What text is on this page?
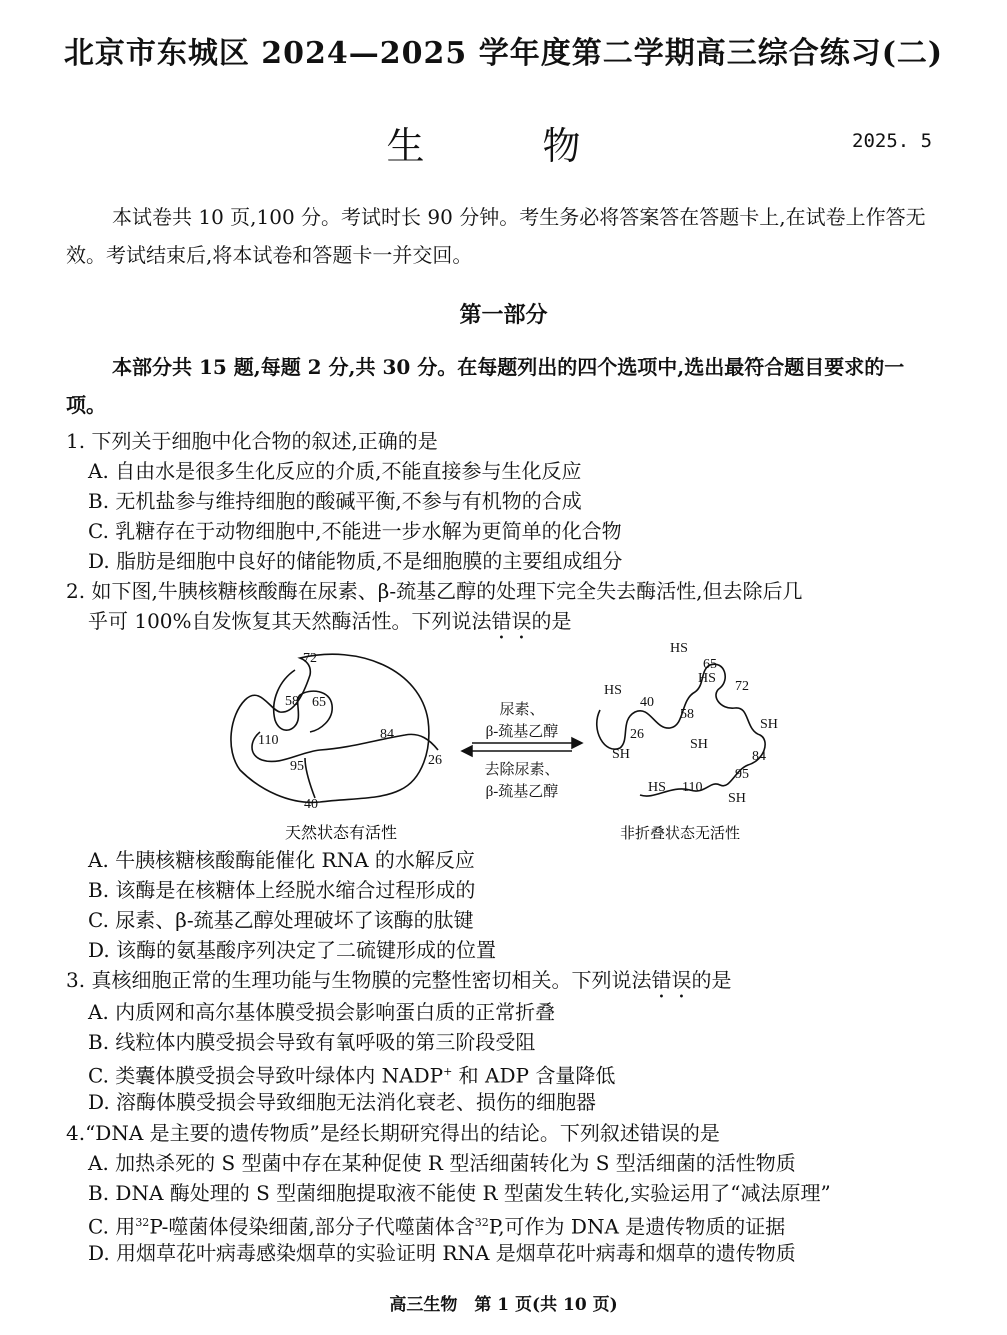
北京市东城区 2024—2025 学年度第二学期高三综合练习(二)
生　物	2025. 5
本试卷共 10 页,100 分。考试时长 90 分钟。考生务必将答案答在答题卡上,在试卷上作答无效。考试结束后,将本试卷和答题卡一并交回。
第一部分
本部分共 15 题,每题 2 分,共 30 分。在每题列出的四个选项中,选出最符合题目要求的一项。
1. 下列关于细胞中化合物的叙述,正确的是
A. 自由水是很多生化反应的介质,不能直接参与生化反应
B. 无机盐参与维持细胞的酸碱平衡,不参与有机物的合成
C. 乳糖存在于动物细胞中,不能进一步水解为更简单的化合物
D. 脂肪是细胞中良好的储能物质,不是细胞膜的主要组成组分
2. 如下图,牛胰核糖核酸酶在尿素、β-巯基乙醇的处理下完全失去酶活性,但去除后几
乎可 100%自发恢复其天然酶活性。下列说法错误的是
72
58 65
110	84
26
95
40
天然状态有活性
尿素、
β-巯基乙醇
去除尿素、
β-巯基乙醇
HS
65
HS
72
HS
40
58
SH
26
SH
SH
84
95
HS 110
SH
非折叠状态无活性
A. 牛胰核糖核酸酶能催化 RNA 的水解反应
B. 该酶是在核糖体上经脱水缩合过程形成的
C. 尿素、β-巯基乙醇处理破坏了该酶的肽键
D. 该酶的氨基酸序列决定了二硫键形成的位置
3. 真核细胞正常的生理功能与生物膜的完整性密切相关。下列说法错误的是
A. 内质网和高尔基体膜受损会影响蛋白质的正常折叠
B. 线粒体内膜受损会导致有氧呼吸的第三阶段受阻
C. 类囊体膜受损会导致叶绿体内 NADP+ 和 ADP 含量降低
D. 溶酶体膜受损会导致细胞无法消化衰老、损伤的细胞器
4.“DNA 是主要的遗传物质”是经长期研究得出的结论。下列叙述错误的是
A. 加热杀死的 S 型菌中存在某种促使 R 型活细菌转化为 S 型活细菌的活性物质
B. DNA 酶处理的 S 型菌细胞提取液不能使 R 型菌发生转化,实验运用了“减法原理”
C. 用$^{32}$P-噬菌体侵染细菌,部分子代噬菌体含$^{32}$P,可作为 DNA 是遗传物质的证据
D. 用烟草花叶病毒感染烟草的实验证明 RNA 是烟草花叶病毒和烟草的遗传物质
高三生物　第 1 页(共 10 页)
